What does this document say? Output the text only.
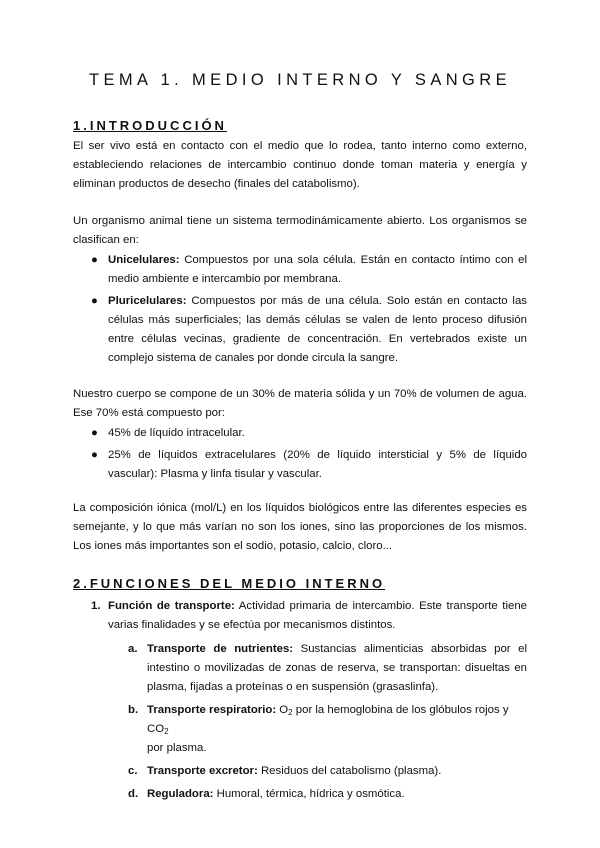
TEMA 1. MEDIO INTERNO Y SANGRE
1.INTRODUCCIÓN

El ser vivo está en contacto con el medio que lo rodea, tanto interno como externo, estableciendo relaciones de intercambio continuo donde toman materia y energía y eliminan productos de desecho (finales del catabolismo).

Un organismo animal tiene un sistema termodinámicamente abierto. Los organismos se clasifican en:

● Unicelulares: Compuestos por una sola célula. Están en contacto íntimo con el medio ambiente e intercambio por membrana.
● Pluricelulares: Compuestos por más de una célula. Solo están en contacto las células más superficiales; las demás células se valen de lento proceso difusión entre células vecinas, gradiente de concentración. En vertebrados existe un complejo sistema de canales por donde circula la sangre.

Nuestro cuerpo se compone de un 30% de materia sólida y un 70% de volumen de agua. Ese 70% está compuesto por:

● 45% de líquido intracelular.
● 25% de líquidos extracelulares (20% de líquido intersticial y 5% de líquido vascular): Plasma y linfa tisular y vascular.

La composición iónica (mol/L) en los líquidos biológicos entre las diferentes especies es semejante, y lo que más varían no son los iones, sino las proporciones de los mismos. Los iones más importantes son el sodio, potasio, calcio, cloro...

2.FUNCIONES DEL MEDIO INTERNO
1. Función de transporte: Actividad primaria de intercambio. Este transporte tiene varias finalidades y se efectúa por mecanismos distintos.
a. Transporte de nutrientes: Sustancias alimenticias absorbidas por el intestino o movilizadas de zonas de reserva, se transportan: disueltas en plasma, fijadas a proteínas o en suspensión (grasaslinfa).
b. Transporte respiratorio: $O_2$ por la hemoglobina de los glóbulos rojos y $CO_2$
por plasma.
c. Transporte excretor: Residuos del catabolismo (plasma).
d. Reguladora: Humoral, térmica, hídrica y osmótica.
